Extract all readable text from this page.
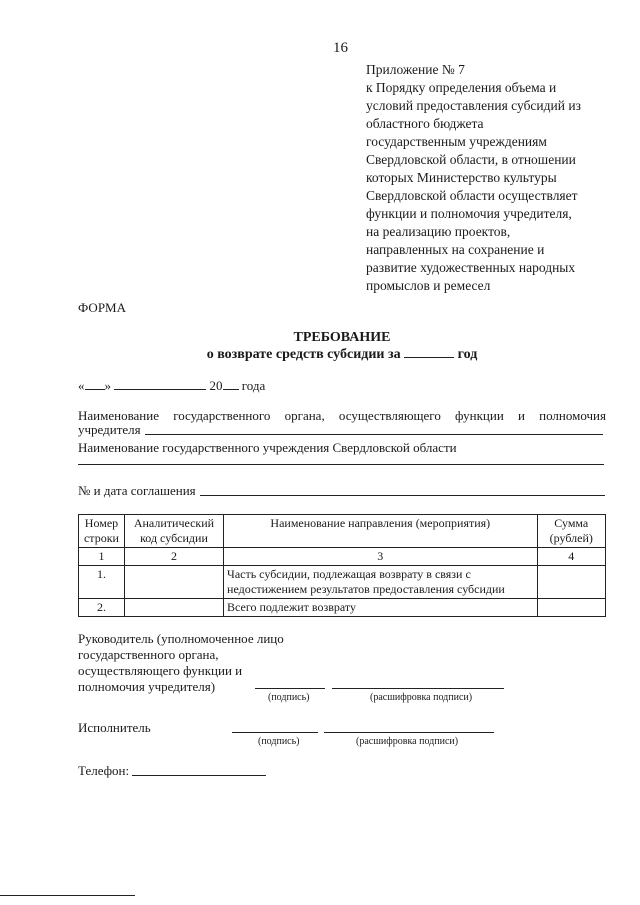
16
Приложение № 7
к Порядку определения объема и
условий предоставления субсидий из
областного бюджета
государственным учреждениям
Свердловской области, в отношении
которых Министерство культуры
Свердловской области осуществляет
функции и полномочия учредителя,
на реализацию проектов,
направленных на сохранение и
развитие художественных народных
промыслов и ремесел
ФОРМА
ТРЕБОВАНИЕ
о возврате средств субсидии за	год
« »	20 года
Наименование государственного органа, осуществляющего функции и полномочия
учредителя
Наименование государственного учреждения Свердловской области
№ и дата соглашения
Номер строки	Аналитический код субсидии	Наименование направления (мероприятия)	Сумма (рублей)
1	2	3	4
1.		Часть субсидии, подлежащая возврату в связи с недостижением результатов предоставления субсидии	
2.		Всего подлежит возврату	
Руководитель (уполномоченное лицо
государственного органа,
осуществляющего функции и
полномочия учредителя)
(подпись)	(расшифровка подписи)
Исполнитель
(подпись)	(расшифровка подписи)
Телефон:
